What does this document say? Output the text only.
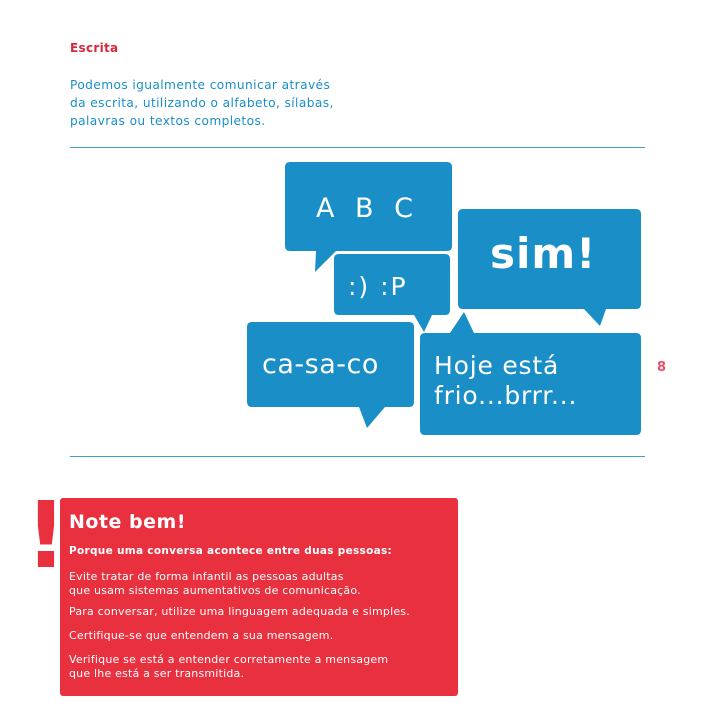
Escrita
Podemos igualmente comunicar através
da escrita, utilizando o alfabeto, sílabas,
palavras ou textos completos.
A B C
:) :P
sim!
ca-sa-co Hoje está
frio...brrr...
8
! Note bem!
Porque uma conversa acontece entre duas pessoas:
Evite tratar de forma infantil as pessoas adultas
que usam sistemas aumentativos de comunicação.
Para conversar, utilize uma linguagem adequada e simples.
Certifique-se que entendem a sua mensagem.
Verifique se está a entender corretamente a mensagem
que lhe está a ser transmitida.
